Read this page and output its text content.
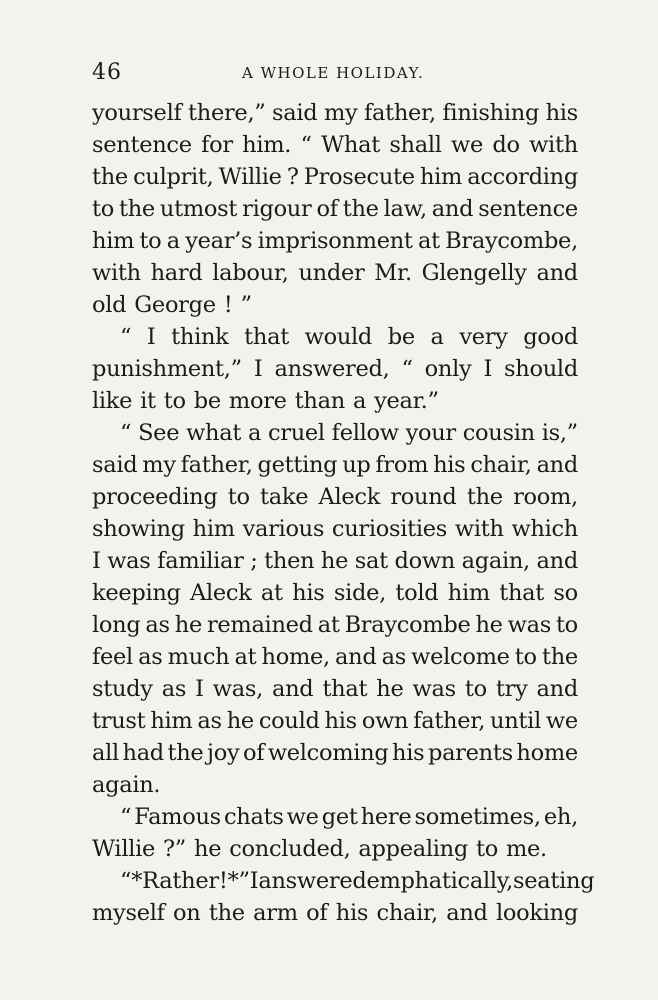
46	A WHOLE HOLIDAY.
yourself there,” said my father, finishing his
sentence for him. “ What shall we do with
the culprit, Willie ? Prosecute him according
to the utmost rigour of the law, and sentence
him to a year’s imprisonment at Braycombe,
with hard labour, under Mr. Glengelly and
old George ! ”
“ I think that would be a very good
punishment,” I answered, “ only I should
like it to be more than a year.”
“ See what a cruel fellow your cousin is,”
said my father, getting up from his chair, and
proceeding to take Aleck round the room,
showing him various curiosities with which
I was familiar ; then he sat down again, and
keeping Aleck at his side, told him that so
long as he remained at Braycombe he was to
feel as much at home, and as welcome to the
study as I was, and that he was to try and
trust him as he could his own father, until we
all had the joy of welcoming his parents home
again.
“ Famous chats we get here sometimes, eh,
Willie ?” he concluded, appealing to me.
“ *Rather !*” I answered emphatically, seating
myself on the arm of his chair, and looking
